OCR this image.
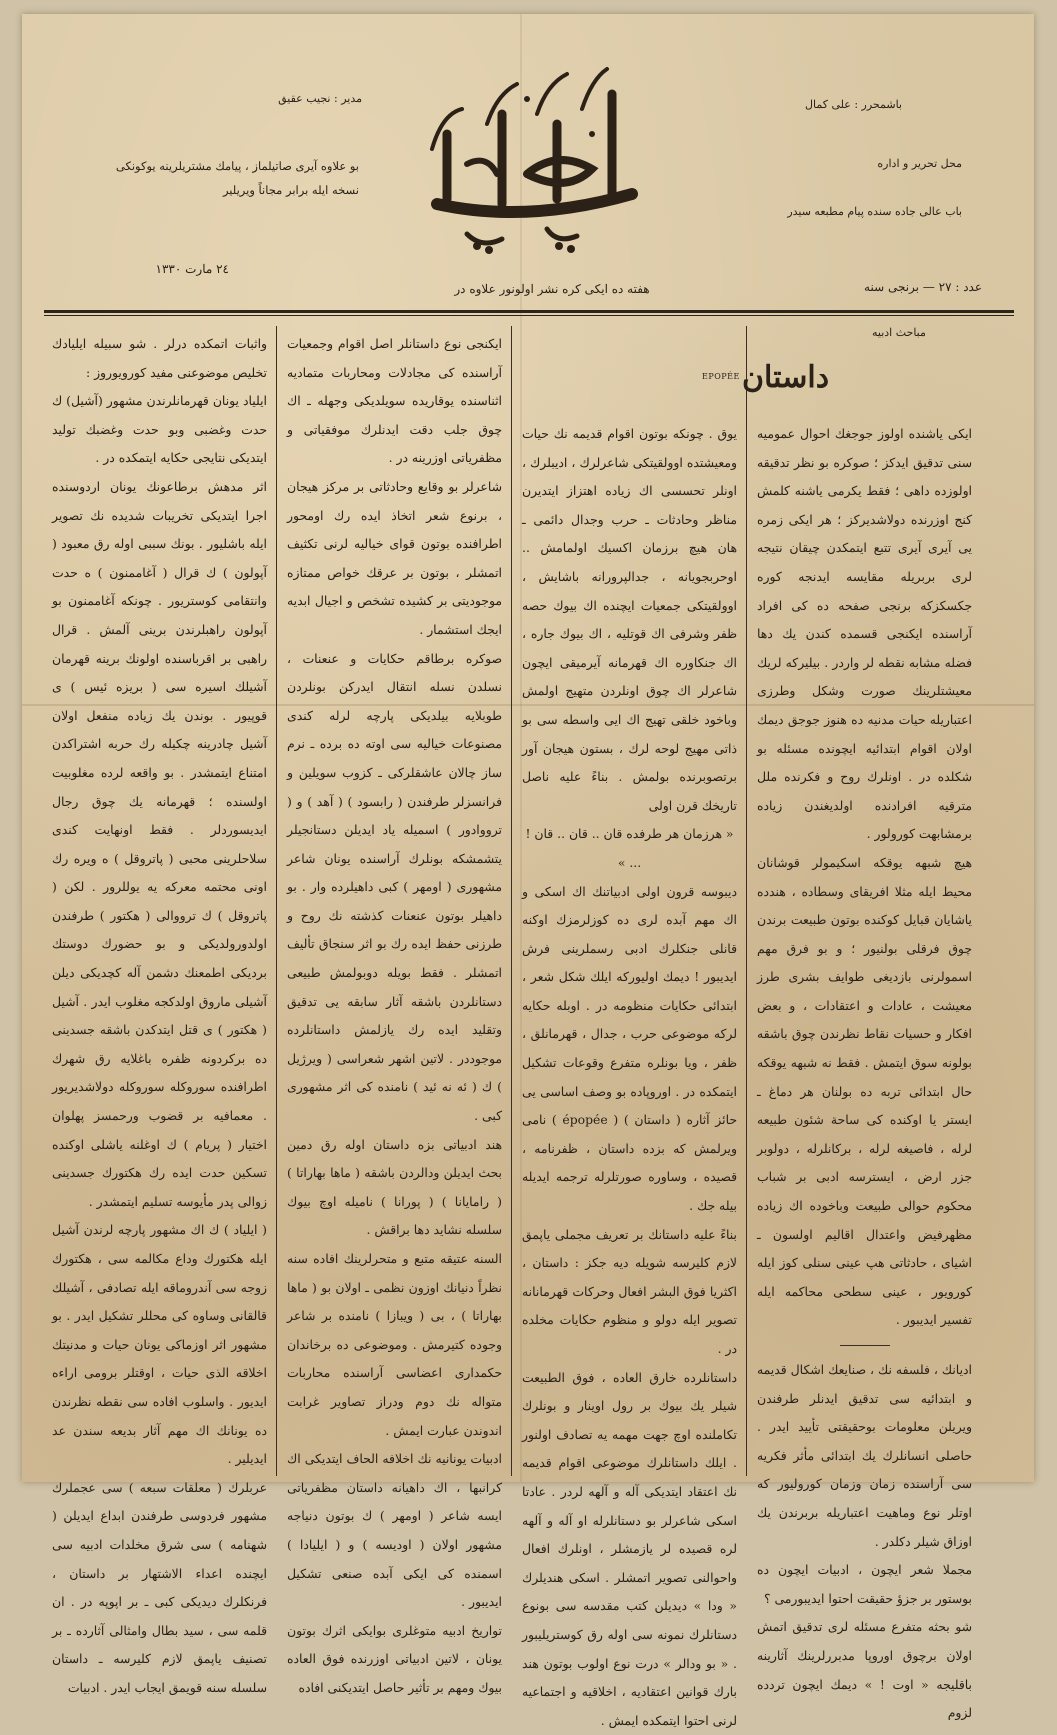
مدیر : نجیب عقیق	باشمحرر : علی کمال
بو علاوه آیری صاتیلماز ، پیامك مشتریلرینه یوکونکی
نسخه ایله برابر مجاناً ویریلیر
محل تحریر و اداره
باب عالی جاده سنده پیام مطبعه سیدر
۲٤ مارت ۱۳۳۰
هفته ده ایکی کره نشر اولونور علاوه در	عدد : ۲۷ — برنجی سنه
مباحث ادبیه
داستان
EPOPÉE

واثبات اتمکده درلر . شو سبیله ایلیادك تخلیص موضوعنی مفید کورویوروز :

ایلیاد یونان قهرمانلرندن مشهور (آشیل) ك حدت وغضبی وبو حدت وغضبك تولید ایتدیکی نتایجی حکایه ایتمکده در .

اثر مدهش برطاعونك یونان اردوسنده اجرا ایتدیکی تخریبات شدیده نك تصویر ایله باشلیور . بونك سببی اوله رق معبود ( آپولون ) ك قرال ( آغاممنون ) ه حدت وانتقامی کوستریور . چونکه آغاممنون بو آپولون راهبلرندن برینی آلمش . قرال راهبی بر اقرباسنده اولونك برینه قهرمان آشیلك اسیره سی ( بریزه ئیس ) ی قوپیور . بوندن یك زیاده منفعل اولان آشیل چادرینه چکیله رك حربه اشتراکدن امتناع ایتمشدر . بو واقعه لرده مغلوبیت اولسنده ؛ قهرمانه یك چوق رجال ایدیسوردلر . فقط اونهایت کندی سلاحلرینی محبی ( پاتروقل ) ه ویره رك اونی محتمه معرکه یه یوللرور . لکن ( پاتروقل ) ك ترووالی ( هکتور ) طرفندن اولدورولدیکی و بو حضورك دوستك بردیکی اطمعنك دشمن آله کچدیکی دیلن آشیلی ماروق اولدکجه مغلوب ایدر . آشیل ( هکتور ) ی قتل ایتدکدن باشقه جسدینی ده برکردونه ظفره باغلایه رق شهرك اطرافنده سوروکله سوروکله دولاشدیریور . معمافیه بر قضوب ورحمسز پهلوان اختیار ( پریام ) ك اوغلنه یاشلی اوکنده تسکین حدت ایده رك هکتورك جسدینی زوالی پدر مأیوسه تسلیم ایتمشدر .

( ایلیاد ) ك اك مشهور پارچه لرندن آشیل ایله هکتورك وداع مکالمه سی ، هکتورك زوجه سی آندروماقه ایله تصادفی ، آشیلك قالقانی وساوه کی محللر تشکیل ایدر . بو مشهور اثر اوزماکی یونان حیات و مدنیتك اخلاقه الذی حیات ، اوقتلر برومی اراءه ایدیور . واسلوب افاده سی نقطه نظرندن ده یونانك اك مهم آثار بدیعه سندن عد ایدیلیر .

عربلرك ( معلقات سبعه ) سی عجملرك مشهور فردوسی طرفندن ابداع ایدیلن ( شهنامه ) سی شرق مخلدات ادبیه سی ایچنده اعداء الاشتهار بر داستان ، فرنکلرك دیدیکی کبی ـ بر اپوپه در . ان قلمه سی ، سید بطال وامثالی آثارده ـ بر تصنیف یاپمق لازم کلیرسه ـ داستان سلسله سنه قویمق ایجاب ایدر . ادبیات

ایکنجی نوع داستانلر اصل اقوام وجمعیات آراسنده کی مجادلات ومحاربات متمادیه اثناسنده یوقاریده سویلدیکی وجهله ـ اك چوق جلب دقت ایدنلرك موفقیاتی و مظفریاتی اوزرینه در .

شاعرلر بو وقایع وحادثاتی بر مرکز هیجان ، برنوع شعر اتخاذ ایده رك اومحور اطرافنده بوتون قوای خیالیه لرنی تکثیف اتمشلر ، بوتون بر عرقك خواص ممتازه موجودیتی بر کشیده تشخص و اجیال ابدیه ایجك استشمار .

صوکره برطاقم حکایات و عنعنات ، نسلدن نسله انتقال ایدرکن بونلردن طوبلایه بیلدیکی پارچه لرله کندی مصنوعات خیالیه سی اوته ده برده ـ نرم ساز چالان عاشقلرکی ـ کزوب سویلین و فرانسزلر طرفندن ( رابسود ) ( آهد ) و ( ترووادور ) اسمیله یاد ایدیلن دستانجیلر یتشمشکه بونلرك آراسنده یونان شاعر مشهوری ( اومهر ) کبی داهیلرده وار . بو داهیلر بوتون عنعنات کذشته نك روح و طرزنی حفظ ایده رك بو اثر سنجاق تألیف اتمشلر . فقط بویله دوبولمش طبیعی دستانلردن باشقه آثار سابقه یی تدقیق وتقلید ایده رك یازلمش داستانلرده موجوددر . لاتین اشهر شعراسی ( ویرژیل ) ك ( ئه نه ئید ) نامنده کی اثر مشهوری کبی .

هند ادبیاتی بزه داستان اوله رق دمین بحث ایدیلن ودالردن باشقه ( ماها بهاراتا ) ( رامایانا ) ( پورانا ) نامیله اوچ بیوك سلسله نشاید دها براقش .

السنه عتیقه متبع و متحرلرینك افاده سنه نظراً دنیانك اوزون نظمی ـ اولان بو ( ماها بهاراتا ) ، بی ( ویبازا ) نامنده بر شاعر وجوده کتیرمش . وموضوعی ده برخاندان حکمداری اعضاسی آراسنده محاربات متواله نك دوم ودراز تصاویر غرابت اندوندن عبارت ایمش .

ادبیات یونانیه نك اخلافه الحاف ایتدیکی اك کرانبها ، اك داهیانه داستان مظفریاتی ایسه شاعر ( اومهر ) ك بوتون دنیاجه مشهور اولان ( اودیسه ) و ( ایلیادا ) اسمنده کی ایکی آبده صنعی تشکیل ایدیبور .

تواریخ ادبیه متوغلری بوایکی اثرك بوتون یونان ، لاتین ادبیاتی اوزرنده فوق العاده بیوك ومهم بر تأثیر حاصل ایتدیکنی افاده

یوق . چونکه بوتون اقوام قدیمه نك حیات ومعیشتده اوولقیتکی شاعرلرك ، ادیبلرك ، اونلر تحسسی اك زیاده اهتزاز ایتدیرن مناظر وحادثات ـ حرب وجدال دائمی ـ هان هیچ برزمان اکسیك اولمامش .. اوحربجویانه ، جدالپرورانه باشایش ، اوولقیتکی جمعیات ایچنده اك بیوك حصه ظفر وشرفی اك قوتلیه ، اك بیوك جاره ، اك جنکاوره اك قهرمانه آیرمیقی ایچون شاعرلر اك چوق اونلردن متهیج اولمش وباخود خلقی تهیج اك ایی واسطه سی بو ذاتی مهیج لوحه لرك ، بستون هیجان آور برتصوبرنده بولمش . بناءً علیه ناصل تاریخك قرن اولی

« هرزمان هر طرفده قان .. قان .. قان ! ... »

دیبوسه قرون اولی ادبیاتنك اك اسکی و اك مهم آبده لری ده کوزلرمزك اوکنه قانلی جنکلرك ادبی رسملرینی فرش ایدیبور ! دیمك اولیورکه ایلك شکل شعر ، ابتدائی حکایات منظومه در . اوبله حکایه لرکه موضوعی حرب ، جدال ، قهرمانلق ، ظفر ، ویا بونلره متفرع وقوعات تشکیل ایتمکده در . اوروپاده بو وصف اساسی یی حائز آثاره ( داستان ) ( épopée ) نامی ویرلمش که بزده داستان ، ظفرنامه ، قصیده ، وساوره صورتلرله ترجمه ایدیله بیله جك .

بناءً علیه داستانك بر تعریف مجملی یاپمق لازم کلیرسه شویله دیه جکز : داستان ، اکثریا فوق البشر افعال وحرکات قهرمانانه تصویر ایله دولو و منظوم حکایات مخلده در .

داستانلرده خارق العاده ، فوق الطبیعت شیلر یك بیوك بر رول اوینار و بونلرك تکاملنده اوچ جهت مهمه یه تصادف اولنور . ایلك داستانلرك موضوعی اقوام قدیمه نك اعتقاد ایتدیکی آله و آلهه لردر . عادتا اسکی شاعرلر بو دستانلرله او آله و آلهه لره قصیده لر یازمشلر ، اونلرك افعال واحوالنی تصویر اتمشلر . اسکی هندیلرك « ودا » دیدیلن کتب مقدسه سی بونوع دستانلرك نمونه سی اوله رق کوستریلیبور . « بو ودالر » درت نوع اولوب بوتون هند بارك قوانین اعتقادیه ، اخلاقیه و اجتماعیه لرنی احتوا ایتمکده ایمش .

ایکی یاشنده اولوز جوجغك احوال عمومیه سنی تدقیق ایدکز ؛ صوکره بو نظر تدقیقه اولوزده داهی ؛ فقط یکرمی یاشنه کلمش کنج اوزرنده دولاشدیرکز ؛ هر ایکی زمره یی آیری آیری تتبع ایتمکدن چیقان نتیجه لری بربریله مقایسه ایدنجه کوره جکسکزکه برنجی صفحه ده کی افراد آراسنده ایکنجی قسمده کندن یك دها فضله مشابه نقطه لر واردر . بیلیرکه لریك معیشتلرینك صورت وشکل وطرزی اعتباریله حیات مدنیه ده هنوز جوجق دیمك اولان اقوام ابتدائیه ایچونده مسئله بو شکلده در . اونلرك روح و فکرنده ملل مترقیه افرادنده اولدیغندن زیاده برمشابهت کورولور .

هیچ شبهه یوقکه اسکیمولر قوشانان محیط ایله مثلا افریقای وسطاده ، هندده یاشایان قبایل کوکنده بوتون طبیعت برندن چوق فرقلی بولنیور ؛ و بو فرق مهم اسمولرنی بازدیغی طوایف بشری طرز معیشت ، عادات و اعتقادات ، و بعض افکار و حسیات نقاط نظرندن چوق باشقه بولونه سوق ایتمش . فقط نه شبهه یوقکه حال ابتدائی تربه ده بولنان هر دماغ ـ ایستر یا اوکنده کی ساحة شئون طبیعه لرله ، فاصیغه لرله ، برکانلرله ، دولوبر جزر ارض ، ایسترسه ادبی بر شباب محکوم حوالی طبیعت وباخوده اك زیاده مظهرفیض واعتدال اقالیم اولسون ـ اشیای ، حادثاتی هپ عینی سنلی کوز ایله کورویور ، عینی سطحی محاکمه ایله تفسیر ایدیبور .

ادیانك ، فلسفه نك ، صنایعك اشکال قدیمه و ابتدائیه سی تدقیق ایدنلر طرفندن ویریلن معلومات بوحقیقتی تأیید ایدر . حاصلی انسانلرك یك ابتدائی مأثر فکریه سی آراسنده زمان وزمان کورولیور که اوتلر نوع وماهیت اعتباریله بربرندن یك اوزاق شیلر دکلدر .

مجملا شعر ایچون ، ادبیات ایچون ده بوستور بر جزؤ حقیقت احتوا ایدیبورمی ؟

شو بحثه متفرع مسئله لری تدقیق اتمش اولان برچوق اوروپا مدبررلرینك آثارینه باقلیجه « اوت ! » دیمك ایچون تردده لزوم
